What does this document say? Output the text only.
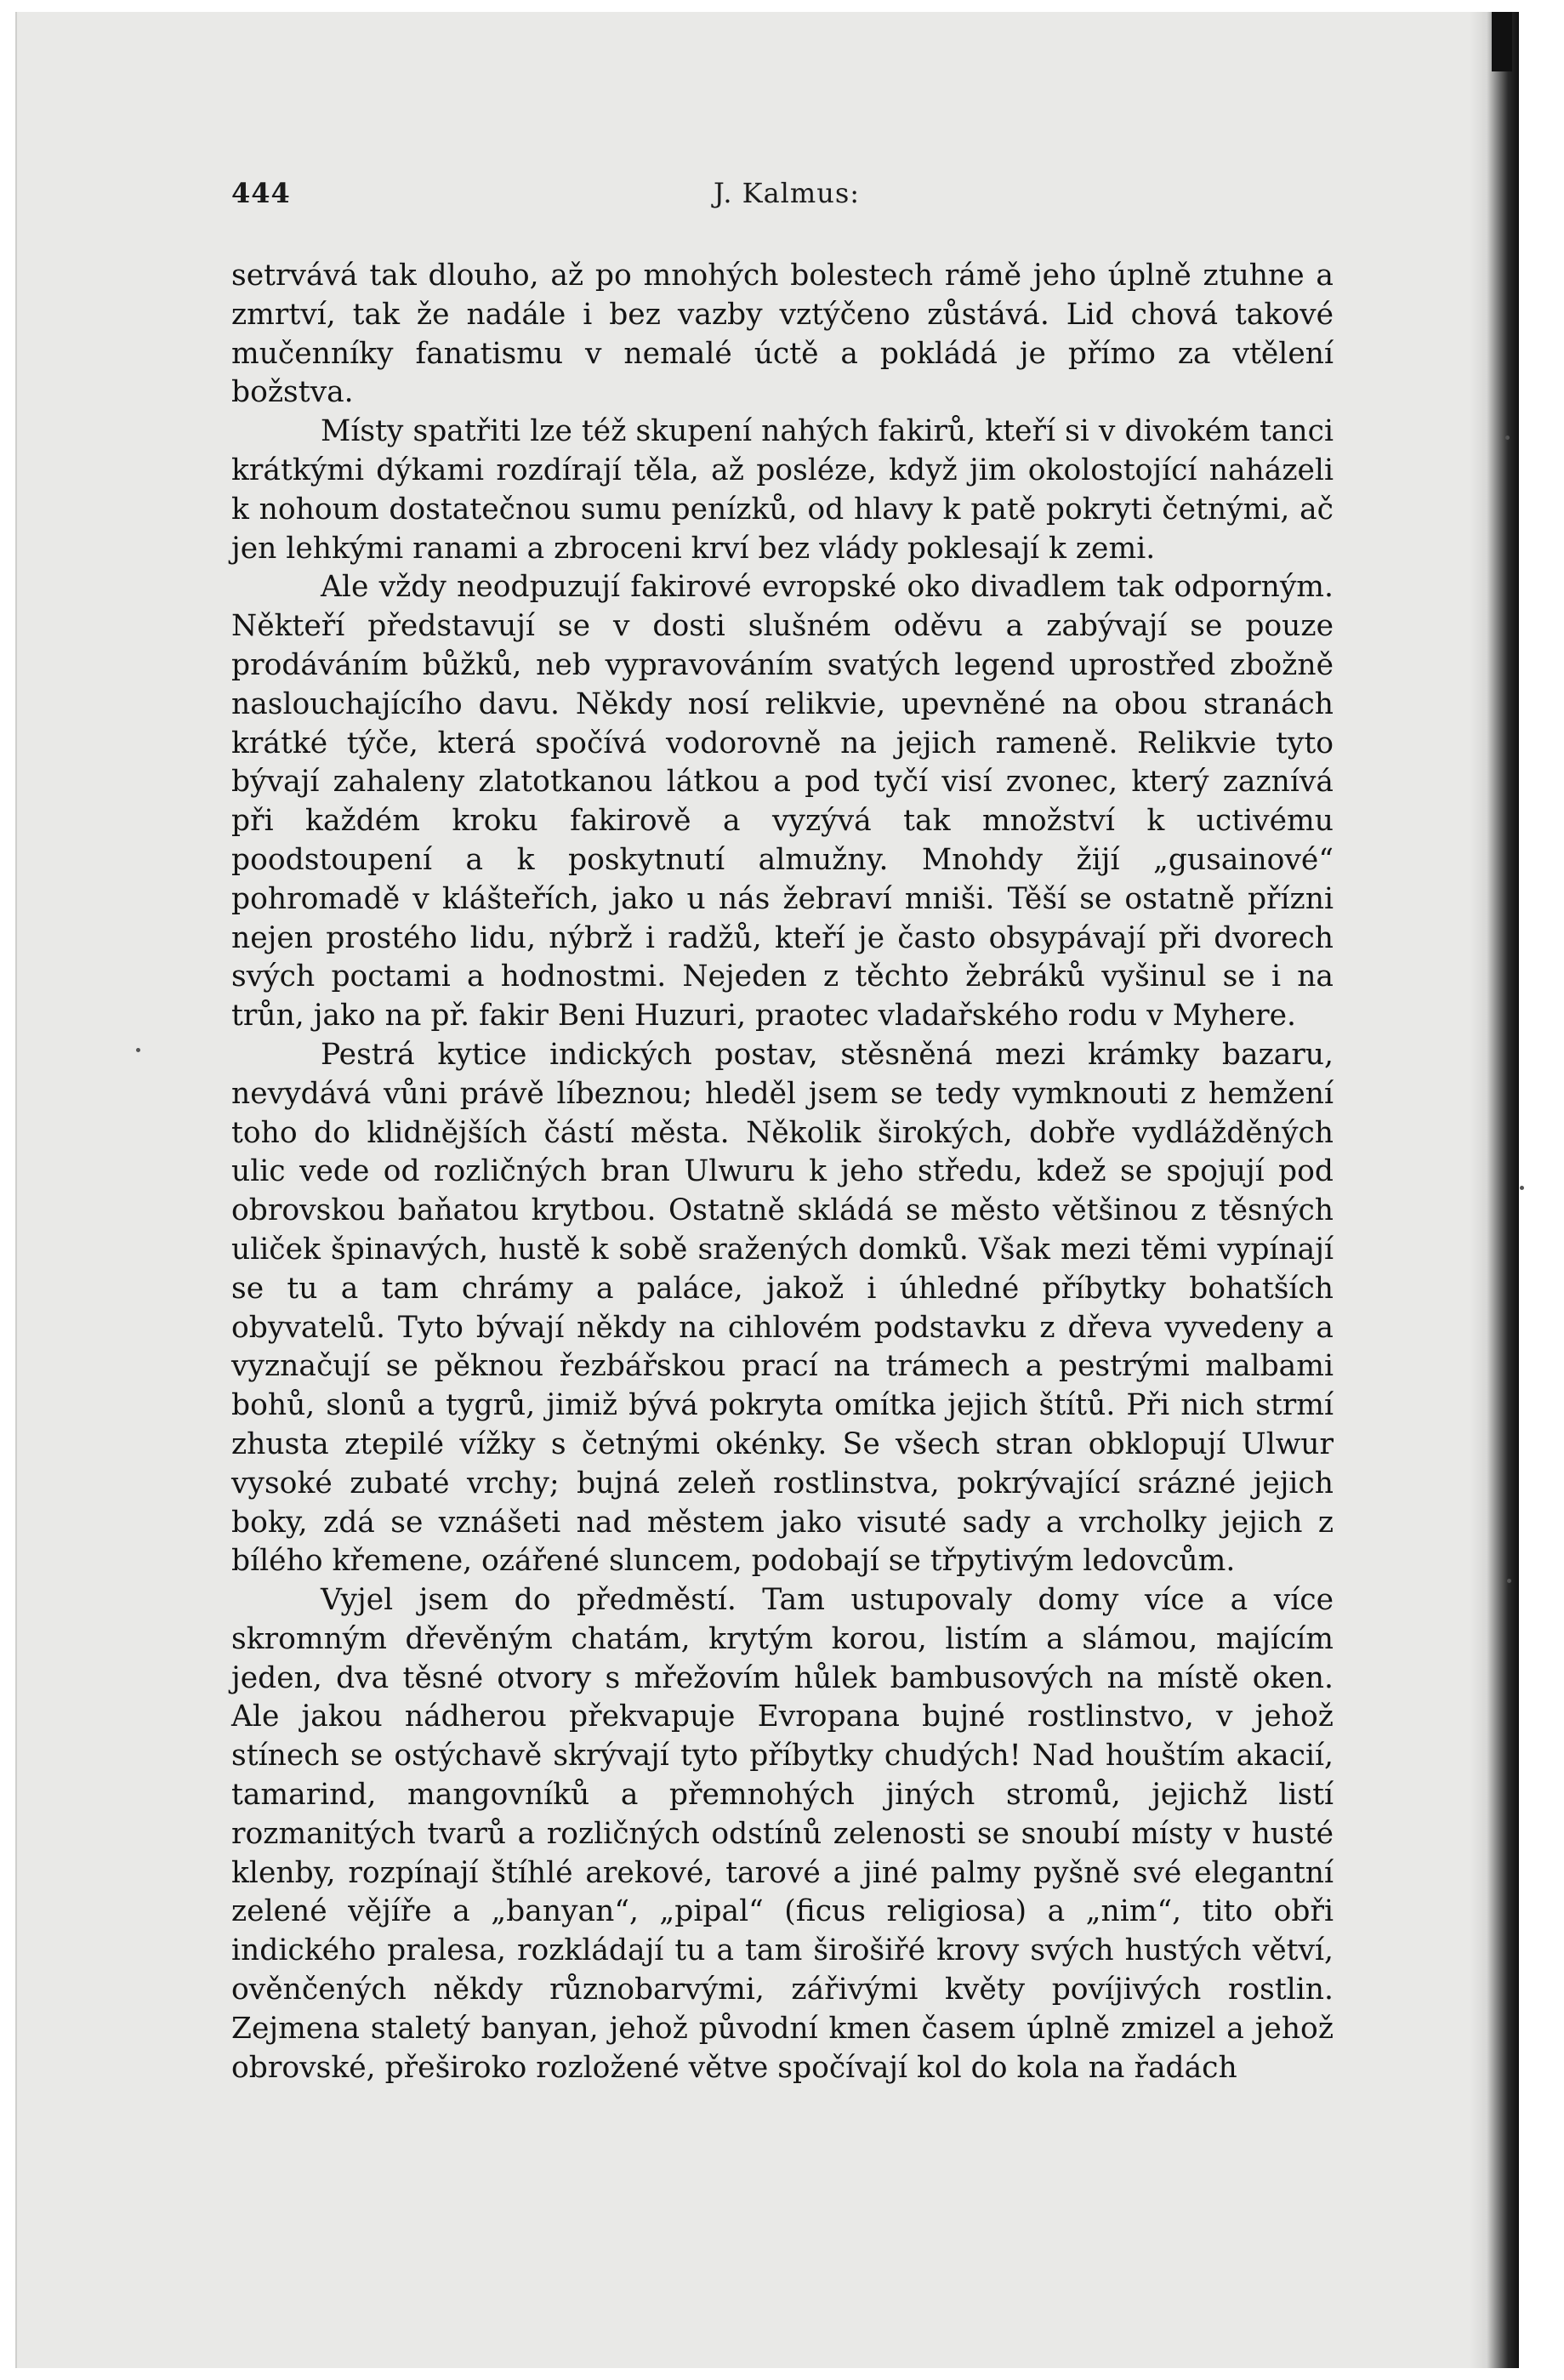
444	J. Kalmus:

setrvává tak dlouho, až po mnohých bolestech rámě jeho úplně ztuhne a zmrtví, tak že nadále i bez vazby vztýčeno zůstává. Lid chová takové mučenníky fanatismu v nemalé úctě a pokládá je přímo za vtělení božstva.

Místy spatřiti lze též skupení nahých fakirů, kteří si v divokém tanci krátkými dýkami rozdírají těla, až posléze, když jim okolostojící naházeli k nohoum dostatečnou sumu penízků, od hlavy k patě pokryti četnými, ač jen lehkými ranami a zbroceni krví bez vlády poklesají k zemi.

Ale vždy neodpuzují fakirové evropské oko divadlem tak odporným. Někteří představují se v dosti slušném oděvu a zabývají se pouze prodáváním bůžků, neb vypravováním svatých legend uprostřed zbožně naslouchajícího davu. Někdy nosí relikvie, upevněné na obou stranách krátké týče, která spočívá vodorovně na jejich rameně. Relikvie tyto bývají zahaleny zlatotkanou látkou a pod tyčí visí zvonec, který zaznívá při každém kroku fakirově a vyzývá tak množství k uctivému poodstoupení a k poskytnutí almužny. Mnohdy žijí „gusainové“ pohromadě v klášteřích, jako u nás žebraví mniši. Těší se ostatně přízni nejen prostého lidu, nýbrž i radžů, kteří je často obsypávají při dvorech svých poctami a hodnostmi. Nejeden z těchto žebráků vyšinul se i na trůn, jako na př. fakir Beni Huzuri, praotec vladařského rodu v Myhere.

Pestrá kytice indických postav, stěsněná mezi krámky bazaru, nevydává vůni právě líbeznou; hleděl jsem se tedy vymknouti z hemžení toho do klidnějších částí města. Několik širokých, dobře vydlážděných ulic vede od rozličných bran Ulwuru k jeho středu, kdež se spojují pod obrovskou baňatou krytbou. Ostatně skládá se město většinou z těsných uliček špinavých, hustě k sobě sražených domků. Však mezi těmi vypínají se tu a tam chrámy a paláce, jakož i úhledné příbytky bohatších obyvatelů. Tyto bývají někdy na cihlovém podstavku z dřeva vyvedeny a vyznačují se pěknou řezbářskou prací na trámech a pestrými malbami bohů, slonů a tygrů, jimiž bývá pokryta omítka jejich štítů. Při nich strmí zhusta ztepilé vížky s četnými okénky. Se všech stran obklopují Ulwur vysoké zubaté vrchy; bujná zeleň rostlinstva, pokrývající srázné jejich boky, zdá se vznášeti nad městem jako visuté sady a vrcholky jejich z bílého křemene, ozářené sluncem, podobají se třpytivým ledovcům.

Vyjel jsem do předměstí. Tam ustupovaly domy více a více skromným dřevěným chatám, krytým korou, listím a slámou, majícím jeden, dva těsné otvory s mřežovím hůlek bambusových na místě oken. Ale jakou nádherou překvapuje Evropana bujné rostlinstvo, v jehož stínech se ostýchavě skrývají tyto příbytky chudých! Nad houštím akacií, tamarind, mangovníků a přemnohých jiných stromů, jejichž listí rozmanitých tvarů a rozličných odstínů zelenosti se snoubí místy v husté klenby, rozpínají štíhlé arekové, tarové a jiné palmy pyšně své elegantní zelené vějíře a „banyan“, „pipal“ (ficus religiosa) a „nim“, tito obři indického pralesa, rozkládají tu a tam širošiřé krovy svých hustých větví, ověnčených někdy různobarvými, zářivými květy povíjivých rostlin. Zejmena staletý banyan, jehož původní kmen časem úplně zmizel a jehož obrovské, přeširoko rozložené větve spočívají kol do kola na řadách
